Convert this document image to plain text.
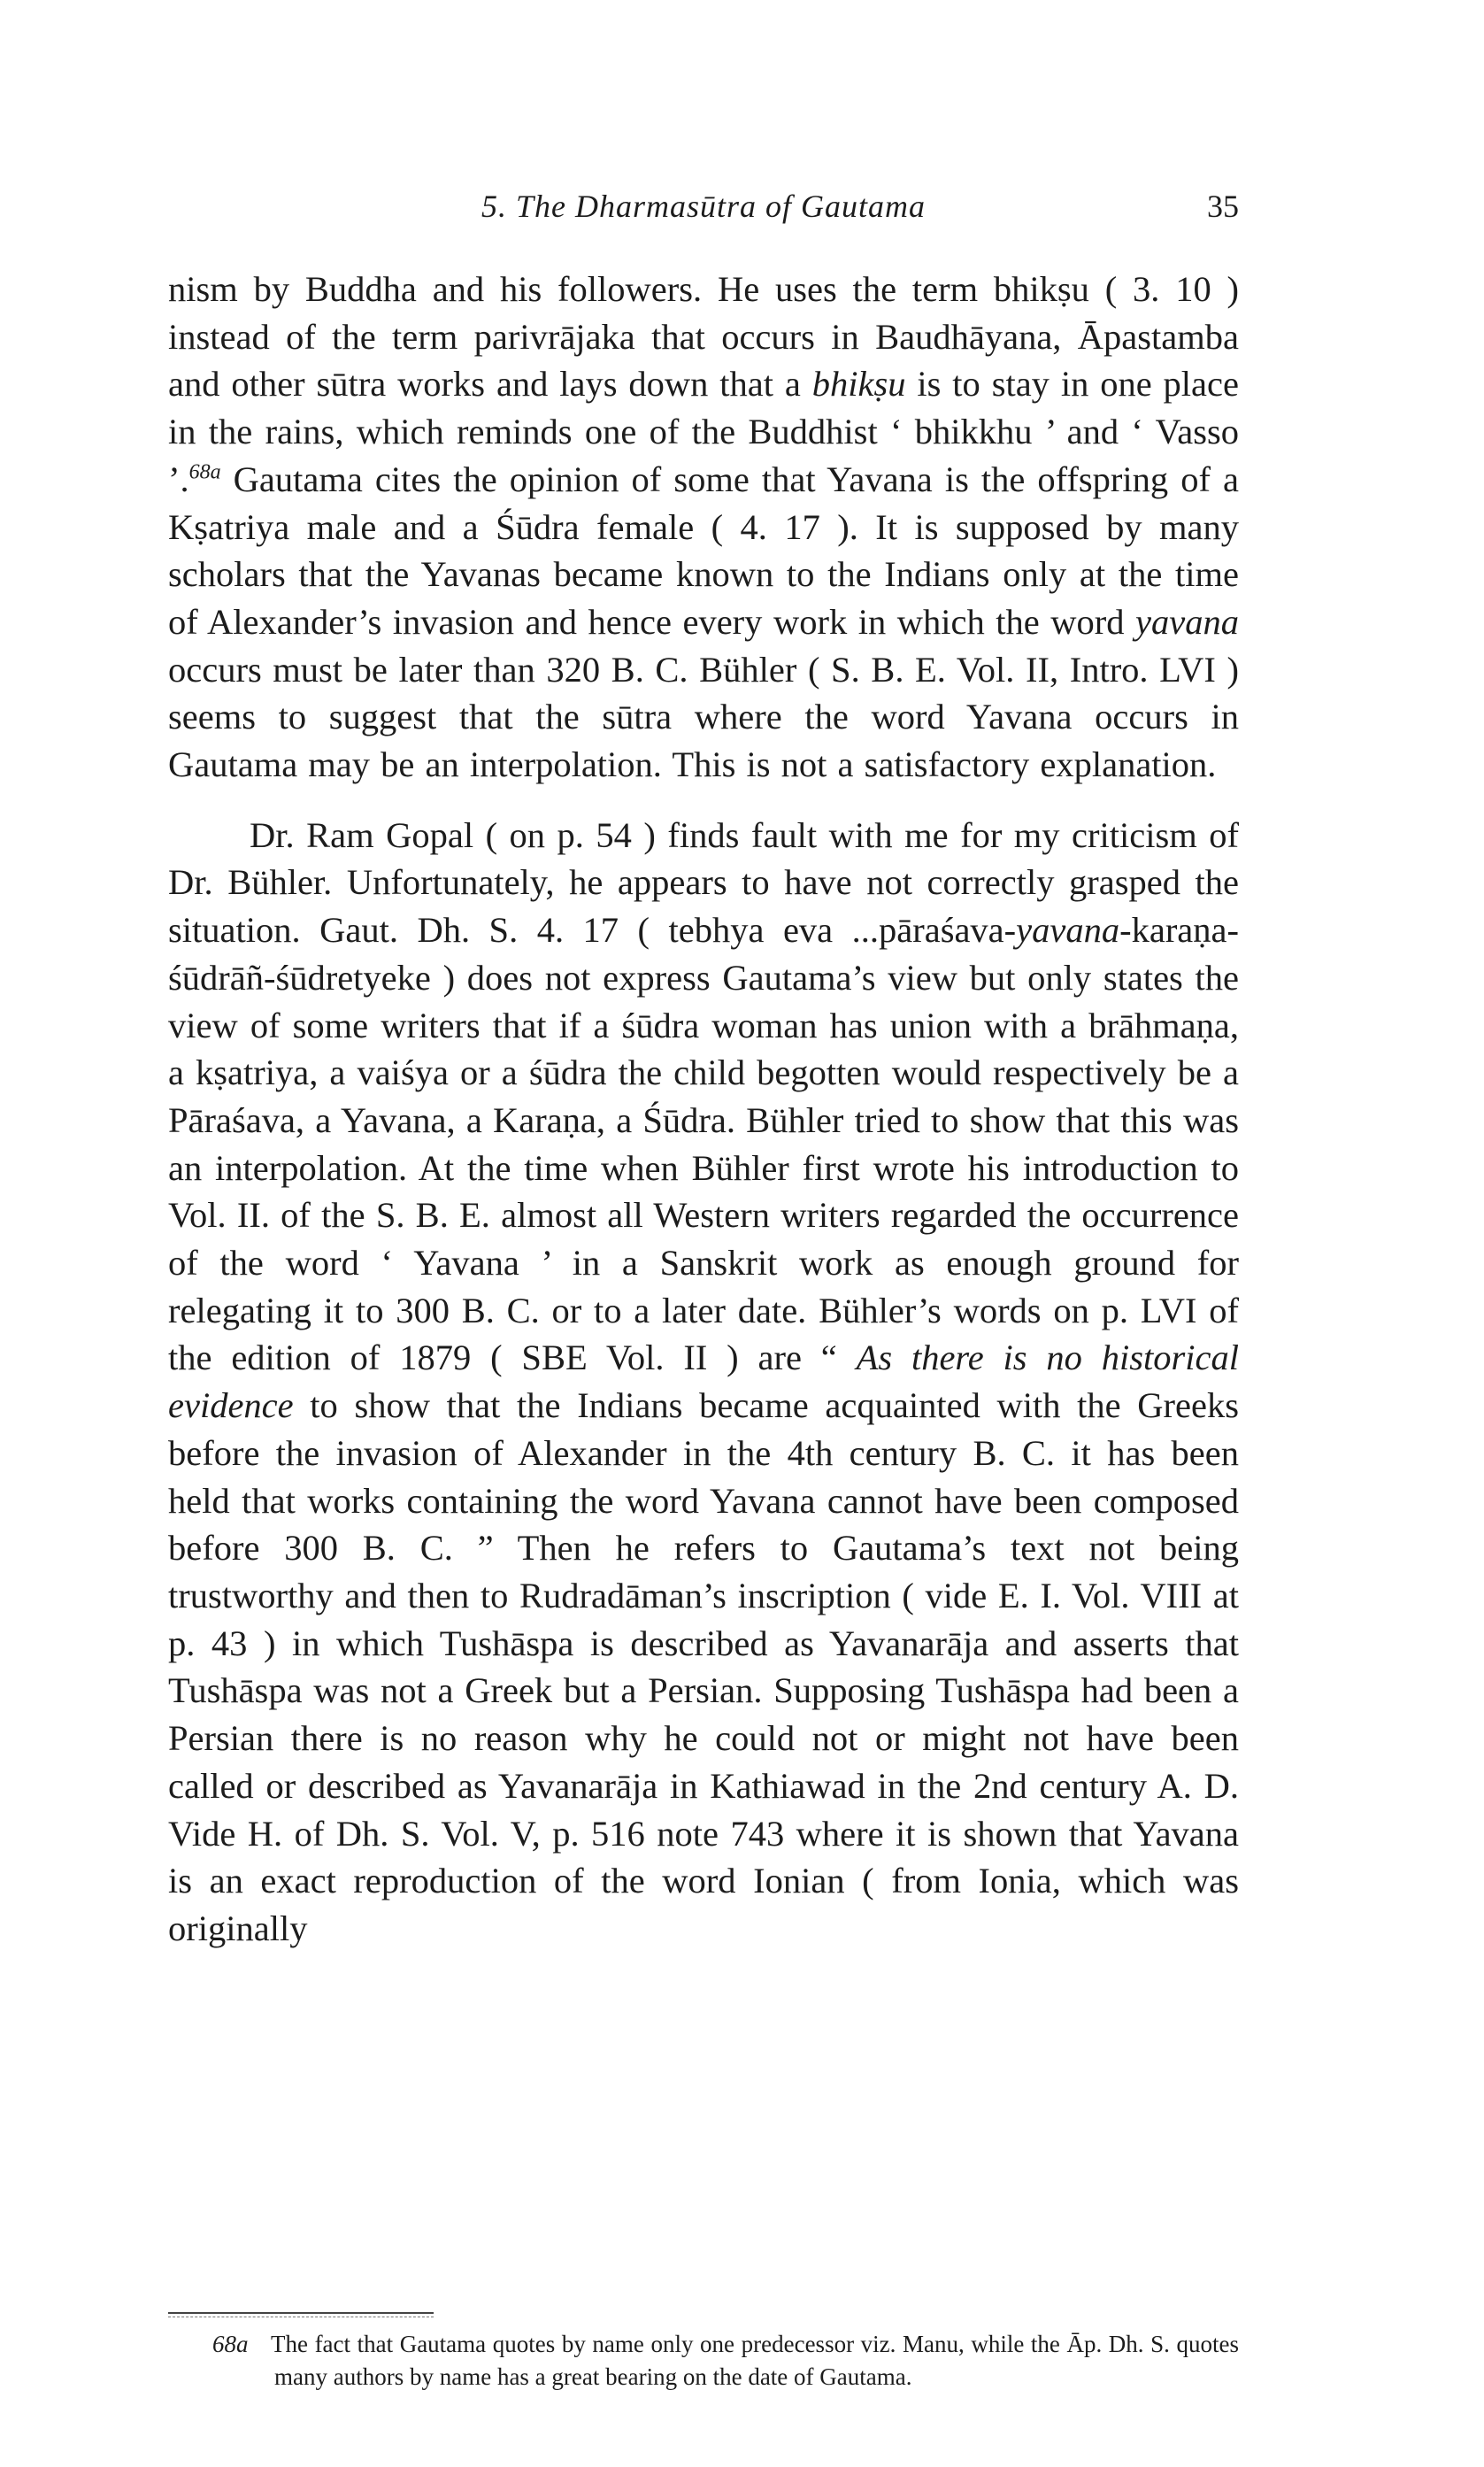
5. The Dharmasūtra of Gautama	35

nism by Buddha and his followers. He uses the term bhikṣu ( 3. 10 ) instead of the term parivrājaka that occurs in Baudhāyana, Āpastamba and other sūtra works and lays down that a bhikṣu is to stay in one place in the rains, which reminds one of the Buddhist ‘ bhikkhu ’ and ‘ Vasso ’.$^{68a}$ Gautama cites the opinion of some that Yavana is the offspring of a Kṣatriya male and a Śūdra female ( 4. 17 ). It is supposed by many scholars that the Yavanas became known to the Indians only at the time of Alexander’s invasion and hence every work in which the word yavana occurs must be later than 320 B. C. Bühler ( S. B. E. Vol. II, Intro. LVI ) seems to suggest that the sūtra where the word Yavana occurs in Gautama may be an interpolation. This is not a satisfactory explanation.

Dr. Ram Gopal ( on p. 54 ) finds fault with me for my criticism of Dr. Bühler. Unfortunately, he appears to have not correctly grasped the situation. Gaut. Dh. S. 4. 17 ( tebhya eva ...pāraśava-yavana-karaṇa-śūdrāñ-śūdretyeke ) does not express Gautama’s view but only states the view of some writers that if a śūdra woman has union with a brāhmaṇa, a kṣatriya, a vaiśya or a śūdra the child begotten would respectively be a Pāraśava, a Yavana, a Karaṇa, a Śūdra. Bühler tried to show that this was an interpolation. At the time when Bühler first wrote his introduction to Vol. II. of the S. B. E. almost all Western writers regarded the occurrence of the word ‘ Yavana ’ in a Sanskrit work as enough ground for relegating it to 300 B. C. or to a later date. Bühler’s words on p. LVI of the edition of 1879 ( SBE Vol. II ) are “ As there is no historical evidence to show that the Indians became acquainted with the Greeks before the invasion of Alexander in the 4th century B. C. it has been held that works containing the word Yavana cannot have been composed before 300 B. C. ” Then he refers to Gautama’s text not being trustworthy and then to Rudradāman’s inscription ( vide E. I. Vol. VIII at p. 43 ) in which Tushāspa is described as Yavanarāja and asserts that Tushāspa was not a Greek but a Persian. Supposing Tushāspa had been a Persian there is no reason why he could not or might not have been called or described as Yavanarāja in Kathiawad in the 2nd century A. D. Vide H. of Dh. S. Vol. V, p. 516 note 743 where it is shown that Yavana is an exact reproduction of the word Ionian ( from Ionia, which was originally

68a The fact that Gautama quotes by name only one predecessor viz. Manu, while the Āp. Dh. S. quotes many authors by name has a great bearing on the date of Gautama.
